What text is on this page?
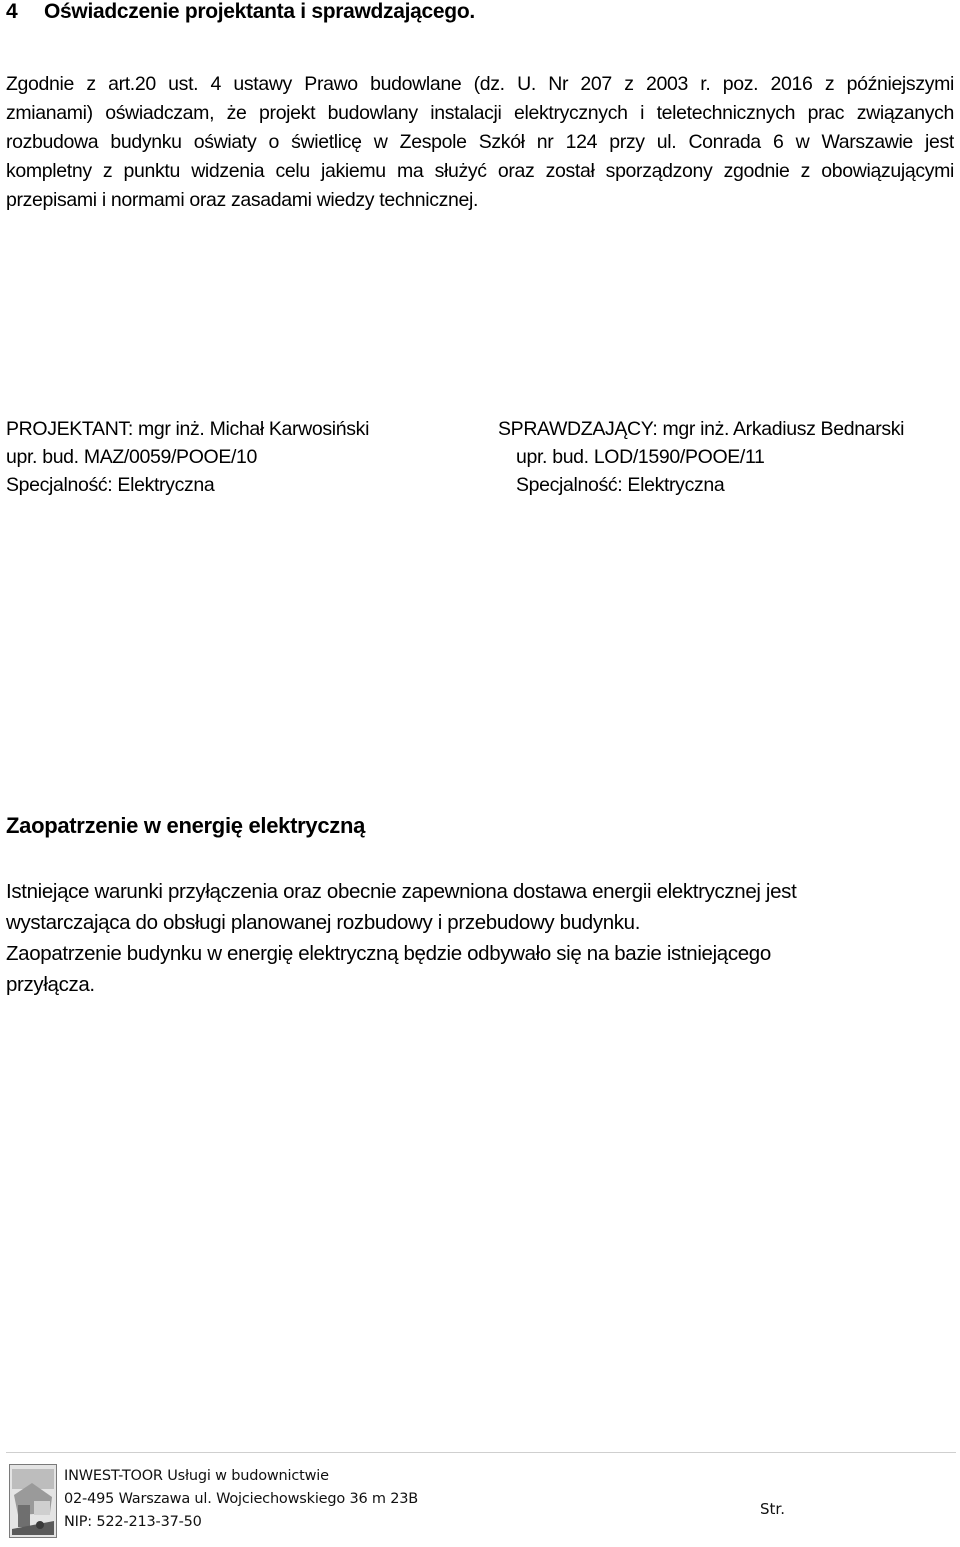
4 Oświadczenie projektanta i sprawdzającego.
Zgodnie z art.20 ust. 4 ustawy Prawo budowlane (dz. U. Nr 207 z 2003 r. poz. 2016 z późniejszymi
zmianami) oświadczam, że projekt budowlany instalacji elektrycznych i teletechnicznych prac związanych
rozbudowa budynku oświaty o świetlicę w Zespole Szkół nr 124 przy ul. Conrada 6 w Warszawie jest
kompletny z punktu widzenia celu jakiemu ma służyć oraz został sporządzony zgodnie z obowiązującymi
przepisami i normami oraz zasadami wiedzy technicznej.
PROJEKTANT: mgr inż. Michał Karwosiński
upr. bud. MAZ/0059/POOE/10
Specjalność: Elektryczna
SPRAWDZAJĄCY: mgr inż. Arkadiusz Bednarski
upr. bud. LOD/1590/POOE/11
Specjalność: Elektryczna
Zaopatrzenie w energię elektryczną
Istniejące warunki przyłączenia oraz obecnie zapewniona dostawa energii elektrycznej jest
wystarczająca do obsługi planowanej rozbudowy i przebudowy budynku.
Zaopatrzenie budynku w energię elektryczną będzie odbywało się na bazie istniejącego
przyłącza.
INWEST-TOOR Usługi w budownictwie
02-495 Warszawa ul. Wojciechowskiego 36 m 23B
NIP: 522-213-37-50
Str.
